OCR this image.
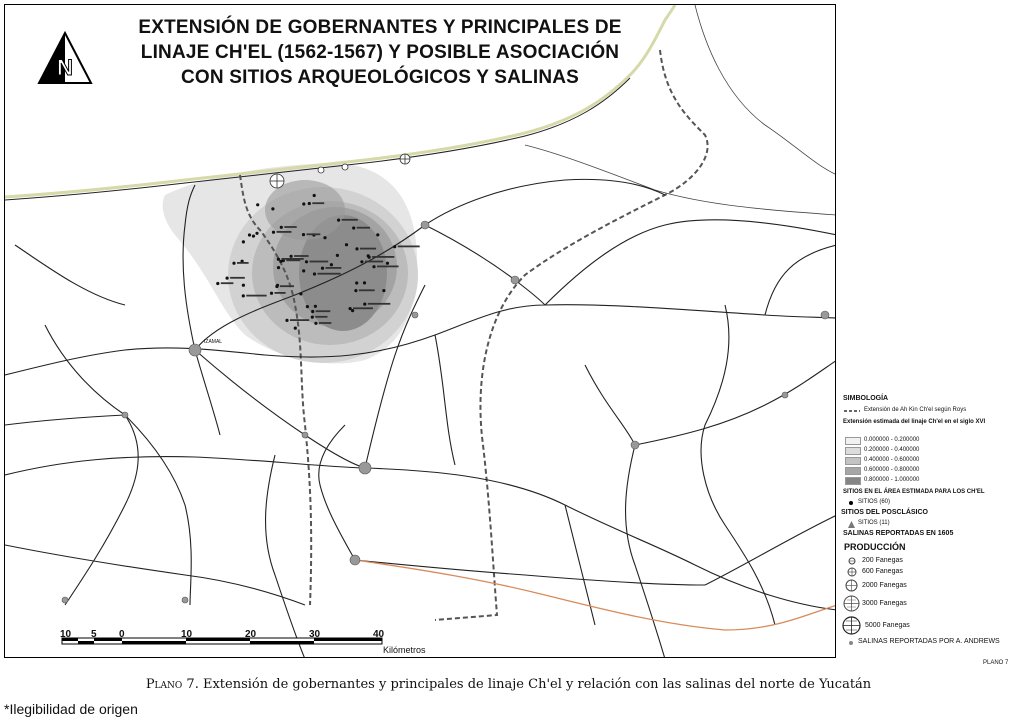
N
EXTENSIÓN DE GOBERNANTES Y PRINCIPALES DE
LINAJE CH'EL (1562-1567) Y POSIBLE ASOCIACIÓN
CON SITIOS ARQUEOLÓGICOS Y SALINAS
10 5 0	10	20	30	40
Kilómetros
IZAMAL
SIMBOLOGÍA
Extensión de Ah Kin Ch'el según Roys
Extensión estimada del linaje Ch'el en el siglo XVI
0.000000 - 0.200000
0.200000 - 0.400000
0.400000 - 0.600000
0.600000 - 0.800000
0.800000 - 1.000000
SITIOS EN EL ÁREA ESTIMADA PARA LOS CH'EL
SITIOS (60)
SITIOS DEL POSCLÁSICO
SITIOS (11)
SALINAS REPORTADAS EN 1605
PRODUCCIÓN
200 Fanegas
600 Fanegas
2000 Fanegas
3000 Fanegas
5000 Fanegas
SALINAS REPORTADAS POR A. ANDREWS
PLANO 7
Plano 7. Extensión de gobernantes y principales de linaje Ch'el y relación con las salinas del norte de Yucatán
*Ilegibilidad de origen
